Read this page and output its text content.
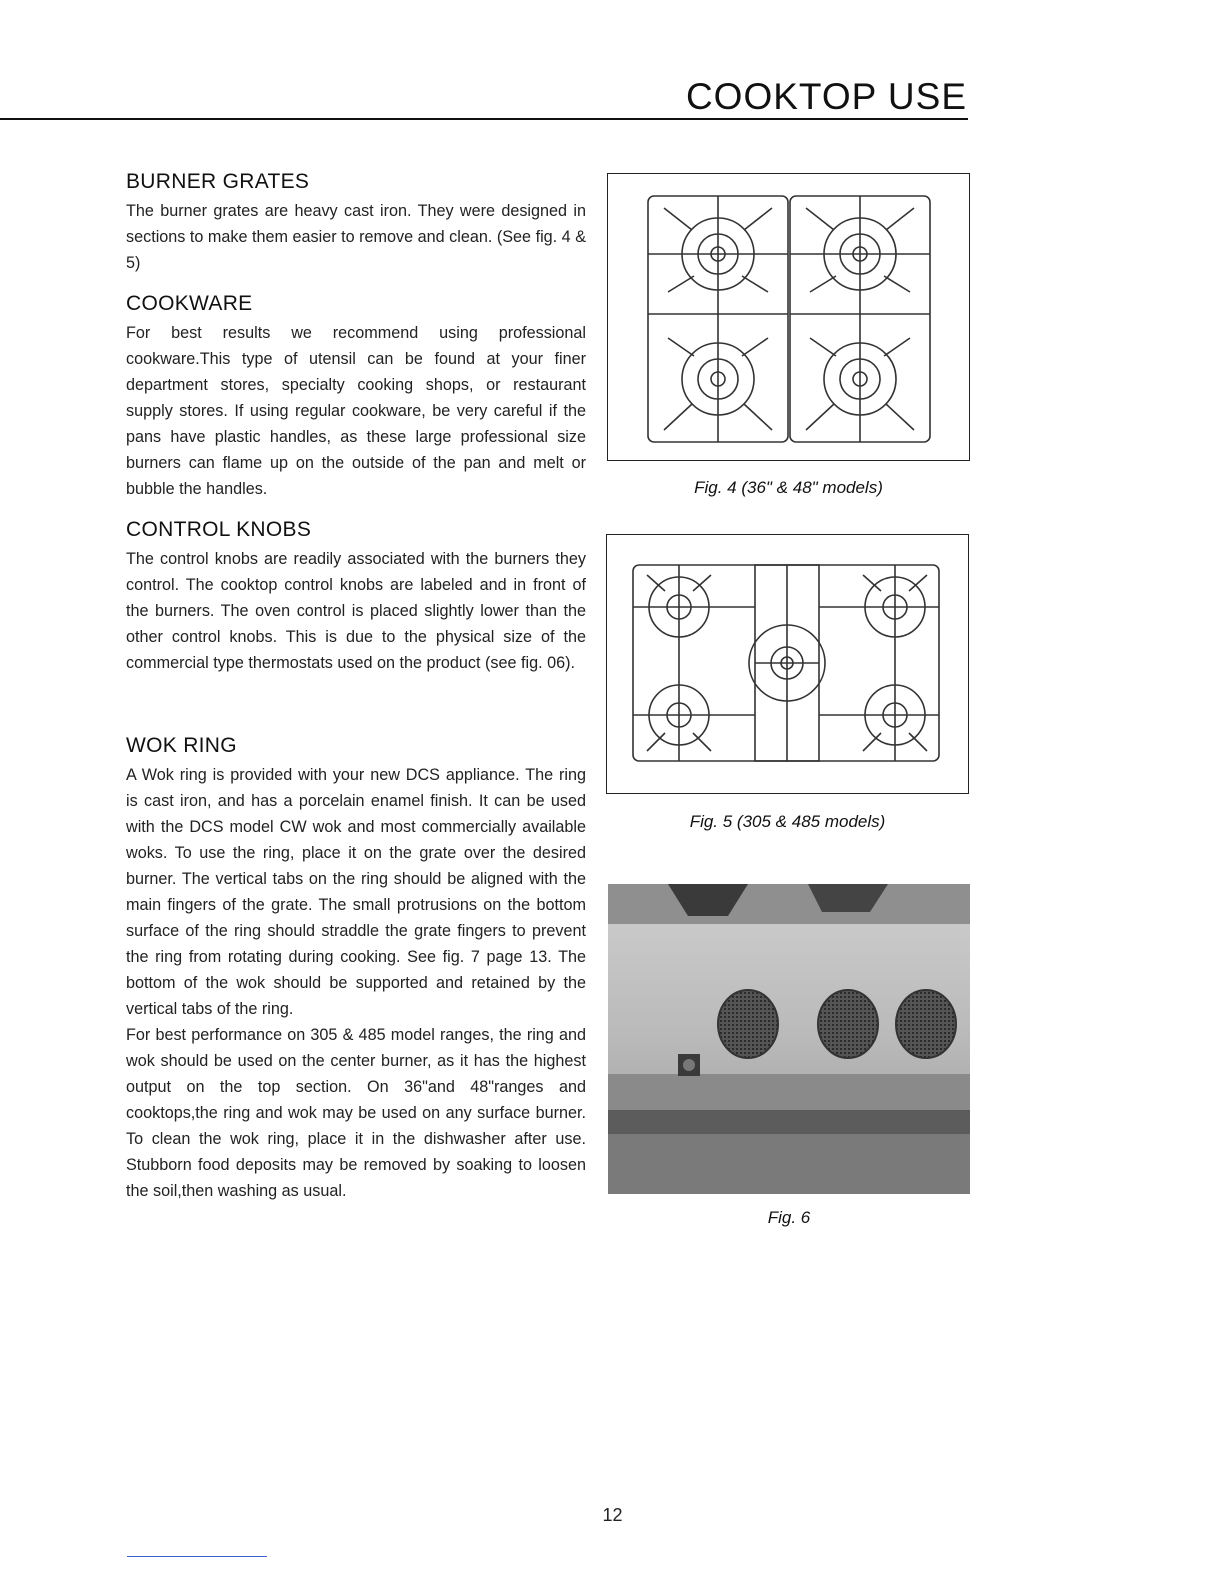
COOKTOP USE
BURNER GRATES

The burner grates are heavy cast iron. They were designed in sections to make them easier to remove and clean. (See fig. 4 & 5)

COOKWARE

For best results we recommend using professional cookware.This type of utensil can be found at your finer department stores, specialty cooking shops, or restaurant supply stores. If using regular cookware, be very careful if the pans have plastic handles, as these large professional size burners can flame up on the outside of the pan and melt or bubble the handles.

CONTROL KNOBS

The control knobs are readily associated with the burners they control. The cooktop control knobs are labeled and in front of the burners. The oven control is placed slightly lower than the other control knobs. This is due to the physical size of the commercial type thermostats used on the product (see fig. 06).

WOK RING

A Wok ring is provided with your new DCS appliance. The ring is cast iron, and has a porcelain enamel finish. It can be used with the DCS model CW wok and most commercially available woks. To use the ring, place it on the grate over the desired burner. The vertical tabs on the ring should be aligned with the main fingers of the grate. The small protrusions on the bottom surface of the ring should straddle the grate fingers to prevent the ring from rotating during cooking. See fig. 7 page 13. The bottom of the wok should be supported and retained by the vertical tabs of the ring.

For best performance on 305 & 485 model ranges, the ring and wok should be used on the center burner, as it has the highest output on the top section. On 36"and 48"ranges and cooktops,the ring and wok may be used on any surface burner. To clean the wok ring, place it in the dishwasher after use. Stubborn food deposits may be removed by soaking to loosen the soil,then washing as usual.

Fig. 4 (36" & 48" models)

Fig. 5 (305 & 485 models)

Fig. 6

12
